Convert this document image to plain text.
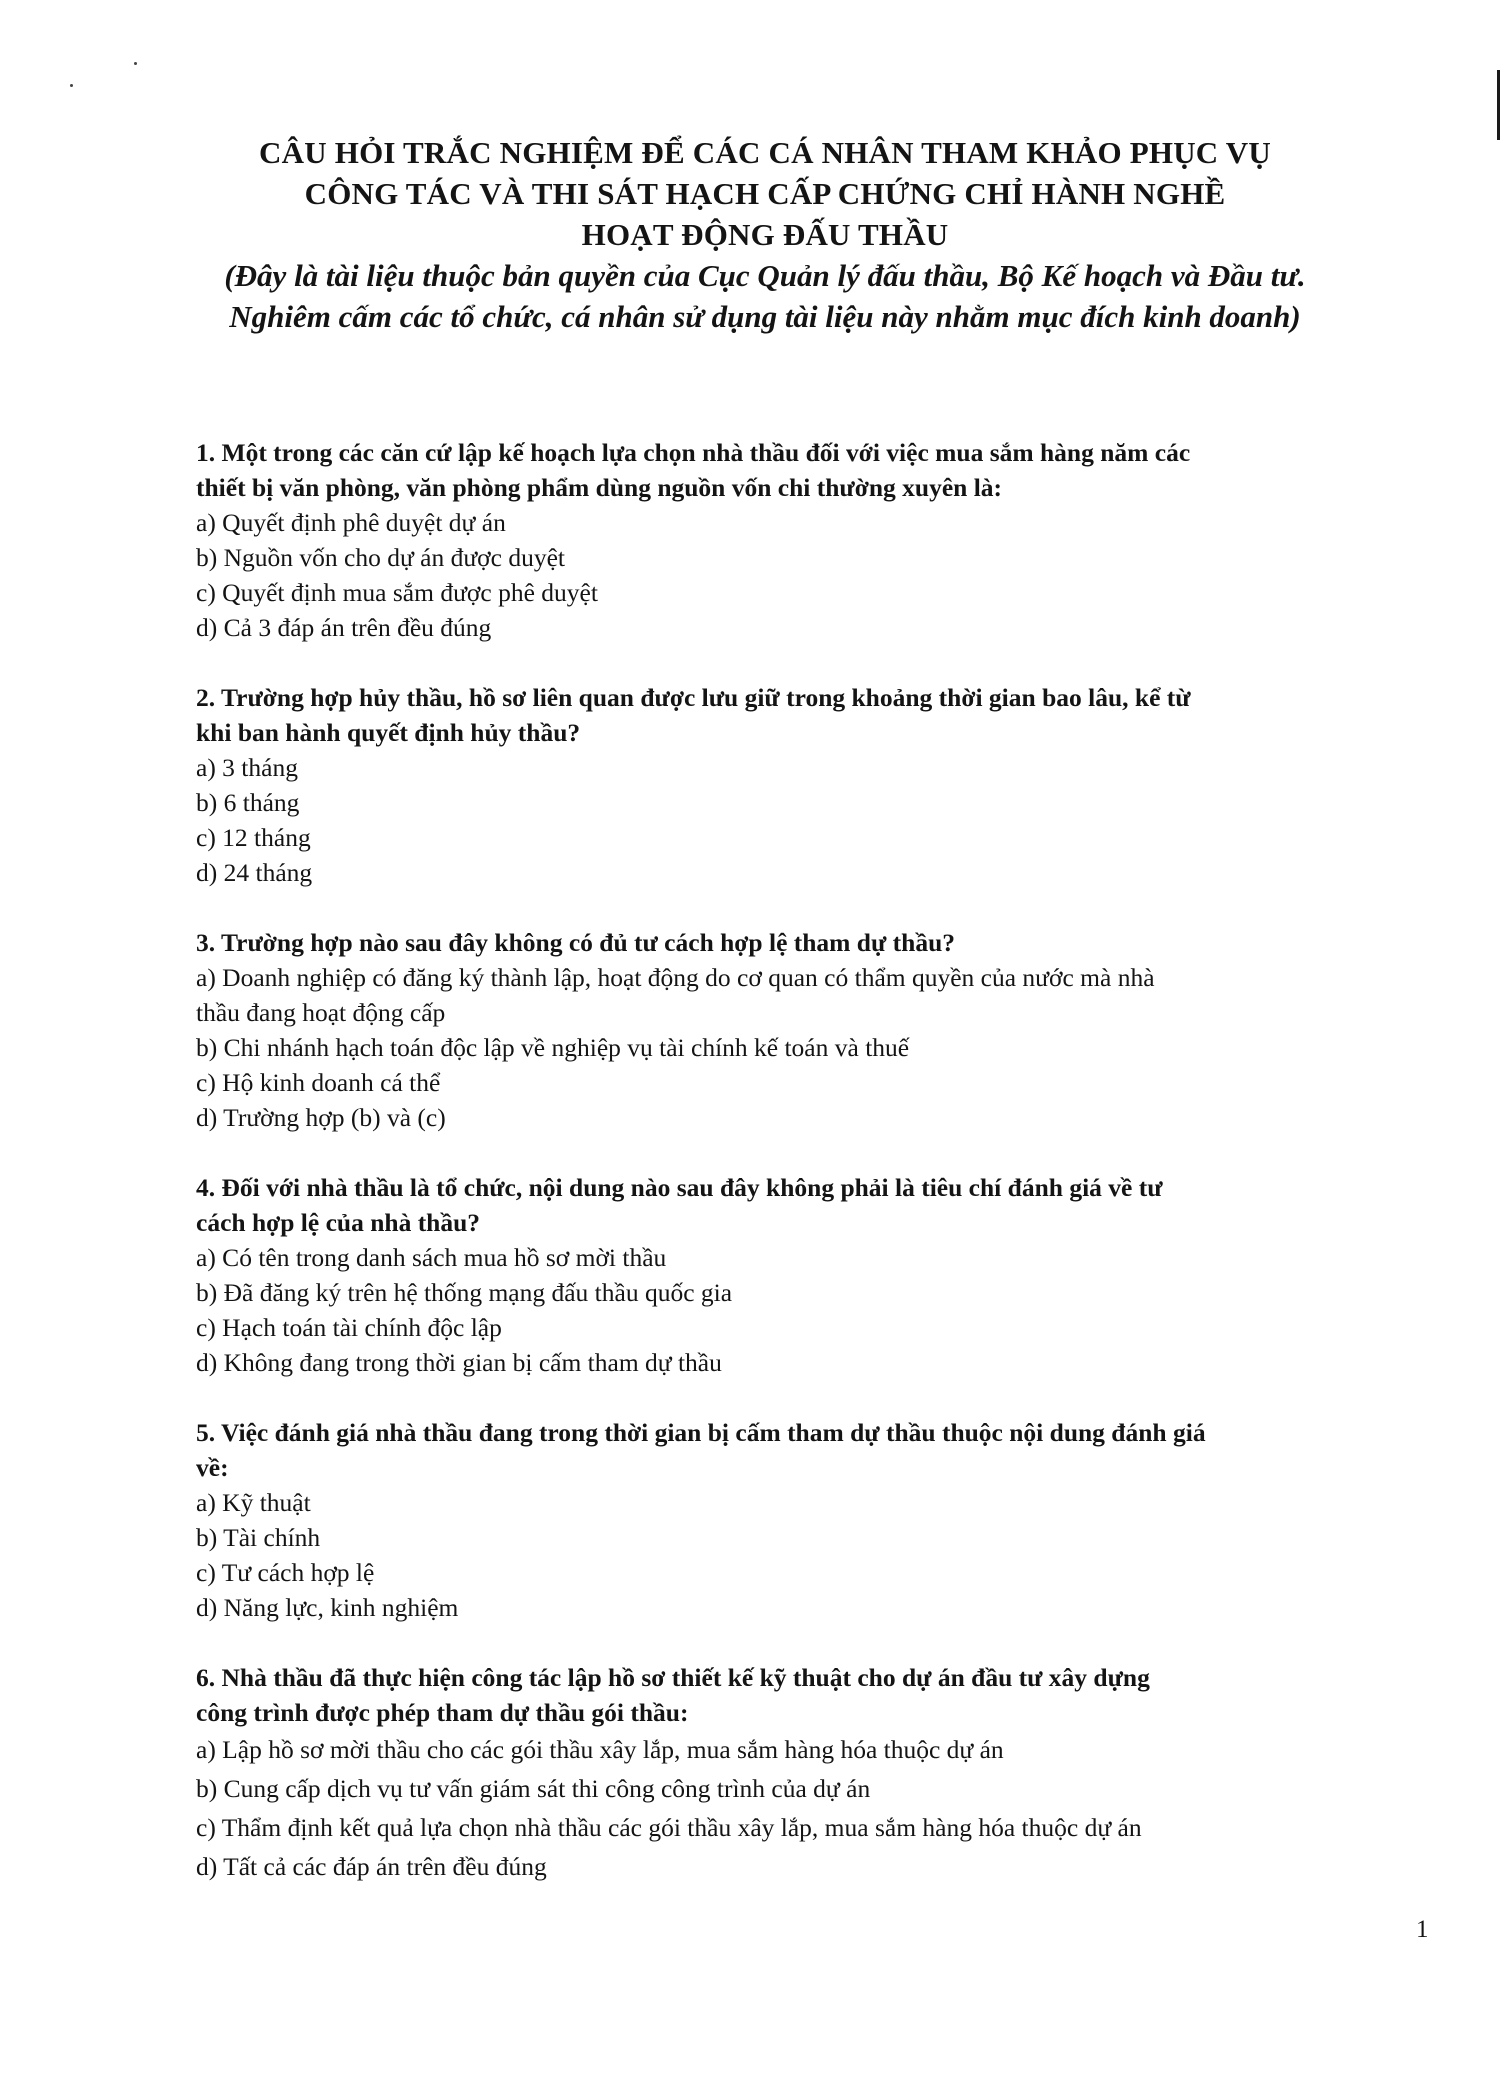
CÂU HỎI TRẮC NGHIỆM ĐỂ CÁC CÁ NHÂN THAM KHẢO PHỤC VỤ
CÔNG TÁC VÀ THI SÁT HẠCH CẤP CHỨNG CHỈ HÀNH NGHỀ
HOẠT ĐỘNG ĐẤU THẦU
(Đây là tài liệu thuộc bản quyền của Cục Quản lý đấu thầu, Bộ Kế hoạch và Đầu tư.
Nghiêm cấm các tổ chức, cá nhân sử dụng tài liệu này nhằm mục đích kinh doanh)
1. Một trong các căn cứ lập kế hoạch lựa chọn nhà thầu đối với việc mua sắm hàng năm các
thiết bị văn phòng, văn phòng phẩm dùng nguồn vốn chi thường xuyên là:
a) Quyết định phê duyệt dự án
b) Nguồn vốn cho dự án được duyệt
c) Quyết định mua sắm được phê duyệt
d) Cả 3 đáp án trên đều đúng
2. Trường hợp hủy thầu, hồ sơ liên quan được lưu giữ trong khoảng thời gian bao lâu, kể từ
khi ban hành quyết định hủy thầu?
a) 3 tháng
b) 6 tháng
c) 12 tháng
d) 24 tháng
3. Trường hợp nào sau đây không có đủ tư cách hợp lệ tham dự thầu?
a) Doanh nghiệp có đăng ký thành lập, hoạt động do cơ quan có thẩm quyền của nước mà nhà
thầu đang hoạt động cấp
b) Chi nhánh hạch toán độc lập về nghiệp vụ tài chính kế toán và thuế
c) Hộ kinh doanh cá thể
d) Trường hợp (b) và (c)
4. Đối với nhà thầu là tổ chức, nội dung nào sau đây không phải là tiêu chí đánh giá về tư
cách hợp lệ của nhà thầu?
a) Có tên trong danh sách mua hồ sơ mời thầu
b) Đã đăng ký trên hệ thống mạng đấu thầu quốc gia
c) Hạch toán tài chính độc lập
d) Không đang trong thời gian bị cấm tham dự thầu
5. Việc đánh giá nhà thầu đang trong thời gian bị cấm tham dự thầu thuộc nội dung đánh giá
về:
a) Kỹ thuật
b) Tài chính
c) Tư cách hợp lệ
d) Năng lực, kinh nghiệm
6. Nhà thầu đã thực hiện công tác lập hồ sơ thiết kế kỹ thuật cho dự án đầu tư xây dựng
công trình được phép tham dự thầu gói thầu:
a) Lập hồ sơ mời thầu cho các gói thầu xây lắp, mua sắm hàng hóa thuộc dự án
b) Cung cấp dịch vụ tư vấn giám sát thi công công trình của dự án
c) Thẩm định kết quả lựa chọn nhà thầu các gói thầu xây lắp, mua sắm hàng hóa thuộc dự án
d) Tất cả các đáp án trên đều đúng
1
